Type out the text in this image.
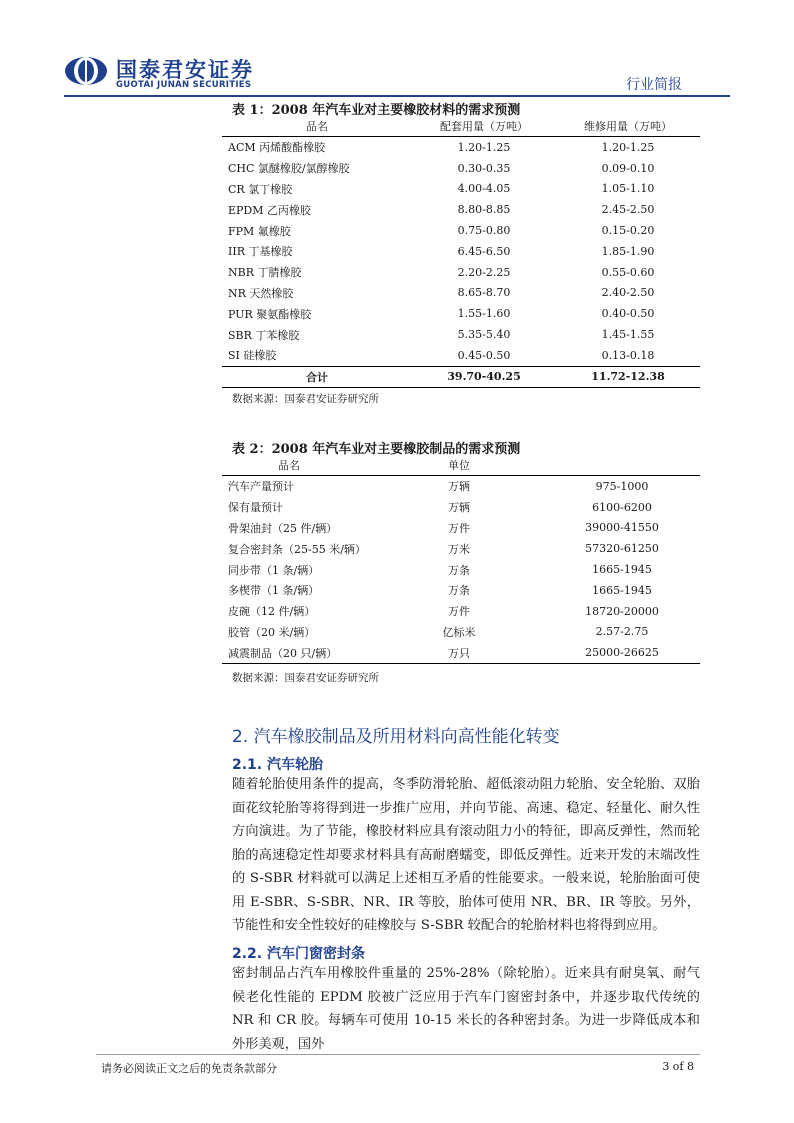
国泰君安证券
GUOTAI JUNAN SECURITIES	行业简报
表 1：2008 年汽车业对主要橡胶材料的需求预测
品名	配套用量（万吨）	维修用量（万吨）
ACM 丙烯酸酯橡胶	1.20-1.25	1.20-1.25
CHC 氯醚橡胶/氯醇橡胶	0.30-0.35	0.09-0.10
CR 氯丁橡胶	4.00-4.05	1.05-1.10
EPDM 乙丙橡胶	8.80-8.85	2.45-2.50
FPM 氟橡胶	0.75-0.80	0.15-0.20
IIR 丁基橡胶	6.45-6.50	1.85-1.90
NBR 丁腈橡胶	2.20-2.25	0.55-0.60
NR 天然橡胶	8.65-8.70	2.40-2.50
PUR 聚氨酯橡胶	1.55-1.60	0.40-0.50
SBR 丁苯橡胶	5.35-5.40	1.45-1.55
SI 硅橡胶	0.45-0.50	0.13-0.18
合计	39.70-40.25	11.72-12.38
数据来源：国泰君安证券研究所
表 2：2008 年汽车业对主要橡胶制品的需求预测
品名	单位	
汽车产量预计	万辆	975-1000
保有量预计	万辆	6100-6200
骨架油封（25 件/辆）	万件	39000-41550
复合密封条（25-55 米/辆）	万米	57320-61250
同步带（1 条/辆）	万条	1665-1945
多楔带（1 条/辆）	万条	1665-1945
皮碗（12 件/辆）	万件	18720-20000
胶管（20 米/辆）	亿标米	2.57-2.75
减震制品（20 只/辆）	万只	25000-26625
数据来源：国泰君安证券研究所
2. 汽车橡胶制品及所用材料向高性能化转变
2.1. 汽车轮胎

随着轮胎使用条件的提高，冬季防滑轮胎、超低滚动阻力轮胎、安全轮胎、双胎面花纹轮胎等将得到进一步推广应用，并向节能、高速、稳定、轻量化、耐久性方向演进。为了节能，橡胶材料应具有滚动阻力小的特征，即高反弹性，然而轮胎的高速稳定性却要求材料具有高耐磨蠕变，即低反弹性。近来开发的末端改性的 S-SBR 材料就可以满足上述相互矛盾的性能要求。一般来说，轮胎胎面可使用 E-SBR、S-SBR、NR、IR 等胶，胎体可使用 NR、BR、IR 等胶。另外，节能性和安全性较好的硅橡胶与 S-SBR 较配合的轮胎材料也将得到应用。

2.2. 汽车门窗密封条

密封制品占汽车用橡胶件重量的 25%-28%（除轮胎）。近来具有耐臭氧、耐气候老化性能的 EPDM 胶被广泛应用于汽车门窗密封条中，并逐步取代传统的 NR 和 CR 胶。每辆车可使用 10-15 米长的各种密封条。为进一步降低成本和外形美观，国外

请务必阅读正文之后的免责条款部分	3 of 8
